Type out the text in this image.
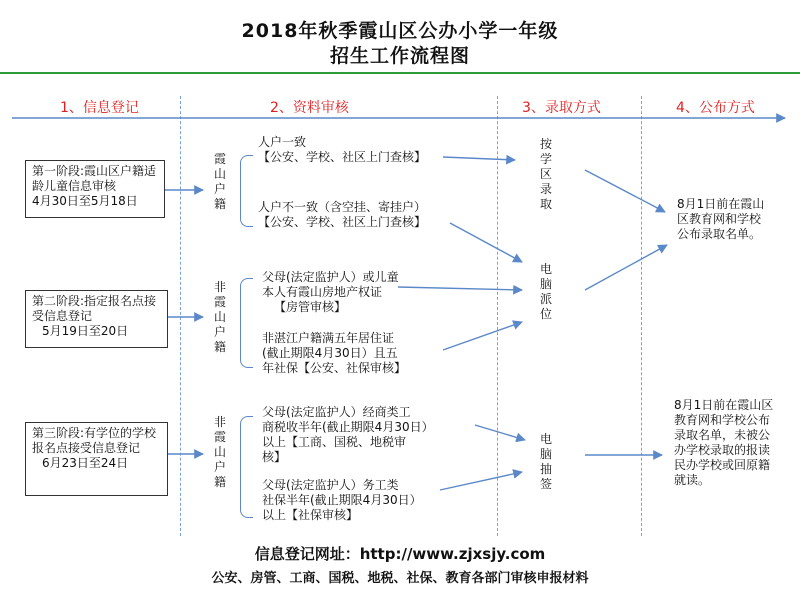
2018年秋季霞山区公办小学一年级
招生工作流程图
1、信息登记	2、资料审核	3、录取方式	4、公布方式
第一阶段:霞山区户籍适龄儿童信息审核
4月30日至5月18日
第二阶段:指定报名点接受信息登记
5月19日至20日
第三阶段:有学位的学校报名点接受信息登记
6月23日至24日
霞山户籍
非霞山户籍
非霞山户籍
人户一致
【公安、学校、社区上门查核】
人户不一致（含空挂、寄挂户）
【公安、学校、社区上门查核】
父母(法定监护人）或儿童
本人有霞山房地产权证
【房管审核】
非湛江户籍满五年居住证
(截止期限4月30日）且五
年社保【公安、社保审核】
父母(法定监护人）经商类工
商税收半年(截止期限4月30日）
以上【工商、国税、地税审
核】
父母(法定监护人）务工类
社保半年(截止期限4月30日）
以上【社保审核】
按学区录取
电脑派位
电脑抽签
8月1日前在霞山区教育网和学校公布录取名单。
8月1日前在霞山区教育网和学校公布录取名单，未被公办学校录取的报读民办学校或回原籍就读。
信息登记网址：http://www.zjxsjy.com
公安、房管、工商、国税、地税、社保、教育各部门审核申报材料
